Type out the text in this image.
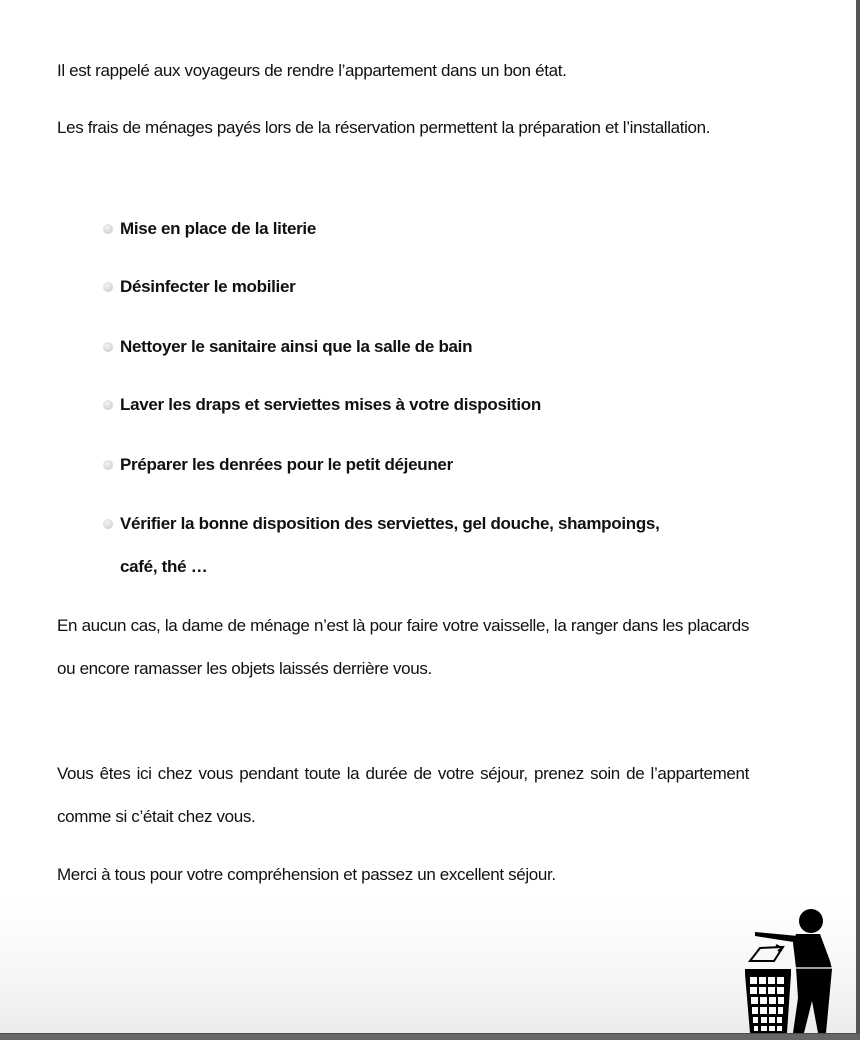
Il est rappelé aux voyageurs de rendre l’appartement dans un bon état.

Les frais de ménages payés lors de la réservation permettent la préparation et l’installation.

Mise en place de la literie
Désinfecter le mobilier
Nettoyer le sanitaire ainsi que la salle de bain
Laver les draps et serviettes mises à votre disposition
Préparer les denrées pour le petit déjeuner
Vérifier la bonne disposition des serviettes, gel douche, shampoings, café, thé …

En aucun cas, la dame de ménage n’est là pour faire votre vaisselle, la ranger dans les placards ou encore ramasser les objets laissés derrière vous.

Vous êtes ici chez vous pendant toute la durée de votre séjour, prenez soin de l’appartement comme si c’était chez vous.

Merci à tous pour votre compréhension et passez un excellent séjour.
